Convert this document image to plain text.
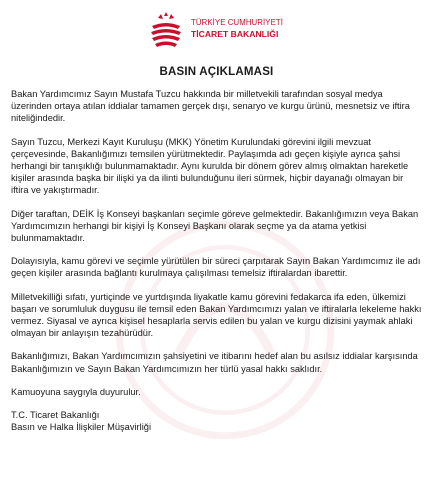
TÜRKİYE CUMHURİYETİ
TİCARET BAKANLIĞI
BASIN AÇIKLAMASI

Bakan Yardımcımız Sayın Mustafa Tuzcu hakkında bir milletvekili tarafından sosyal medya üzerinden ortaya atılan iddialar tamamen gerçek dışı, senaryo ve kurgu ürünü, mesnetsiz ve iftira niteliğindedir.

Sayın Tuzcu, Merkezi Kayıt Kuruluşu (MKK) Yönetim Kurulundaki görevini ilgili mevzuat çerçevesinde, Bakanlığımızı temsilen yürütmektedir. Paylaşımda adı geçen kişiyle ayrıca şahsi herhangi bir tanışıklığı bulunmamaktadır. Aynı kurulda bir dönem görev almış olmaktan hareketle kişiler arasında başka bir ilişki ya da ilinti bulunduğunu ileri sürmek, hiçbir dayanağı olmayan bir iftira ve yakıştırmadır.

Diğer taraftan, DEİK İş Konseyi başkanları seçimle göreve gelmektedir. Bakanlığımızın veya Bakan Yardımcımızın herhangi bir kişiyi İş Konseyi Başkanı olarak seçme ya da atama yetkisi bulunmamaktadır.

Dolayısıyla, kamu görevi ve seçimle yürütülen bir süreci çarpıtarak Sayın Bakan Yardımcımız ile adı geçen kişiler arasında bağlantı kurulmaya çalışılması temelsiz iftiralardan ibarettir.

Milletvekilliği sıfatı, yurtiçinde ve yurtdışında liyakatle kamu görevini fedakarca ifa eden, ülkemizi başarı ve sorumluluk duygusu ile temsil eden Bakan Yardımcımızı yalan ve iftiralarla lekeleme hakkı vermez. Siyasal ve ayrıca kişisel hesaplarla servis edilen bu yalan ve kurgu dizisini yaymak ahlaki olmayan bir anlayışın tezahürüdür.

Bakanlığımızı, Bakan Yardımcımızın şahsiyetini ve itibarını hedef alan bu asılsız iddialar karşısında Bakanlığımızın ve Sayın Bakan Yardımcımızın her türlü yasal hakkı saklıdır.

Kamuoyuna saygıyla duyurulur.

T.C. Ticaret Bakanlığı

Basın ve Halka İlişkiler Müşavirliği
